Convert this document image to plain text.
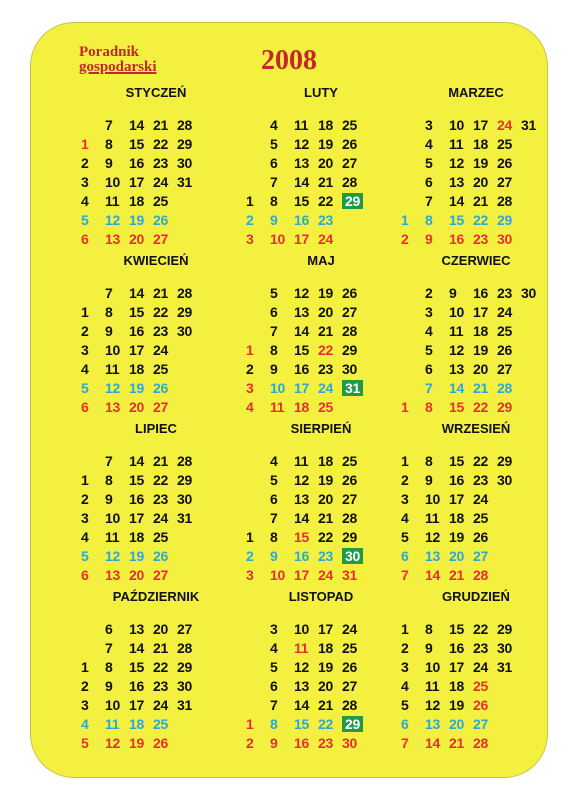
Poradnik
gospodarski	2008
STYCZEŃ
	7	14	21	28
1	8	15	22	29
2	9	16	23	30
3	10	17	24	31
4	11	18	25	
5	12	19	26	
6	13	20	27	
LUTY
	4	11	18	25
	5	12	19	26
	6	13	20	27
	7	14	21	28
1	8	15	22	29
2	9	16	23	
3	10	17	24	
MARZEC
	3	10	17	24	31
	4	11	18	25	
	5	12	19	26	
	6	13	20	27	
	7	14	21	28	
1	8	15	22	29	
2	9	16	23	30	
KWIECIEŃ
	7	14	21	28
1	8	15	22	29
2	9	16	23	30
3	10	17	24	
4	11	18	25	
5	12	19	26	
6	13	20	27	
MAJ
	5	12	19	26
	6	13	20	27
	7	14	21	28
1	8	15	22	29
2	9	16	23	30
3	10	17	24	31
4	11	18	25	
CZERWIEC
	2	9	16	23	30
	3	10	17	24	
	4	11	18	25	
	5	12	19	26	
	6	13	20	27	
	7	14	21	28	
1	8	15	22	29	
LIPIEC
	7	14	21	28
1	8	15	22	29
2	9	16	23	30
3	10	17	24	31
4	11	18	25	
5	12	19	26	
6	13	20	27	
SIERPIEŃ
	4	11	18	25
	5	12	19	26
	6	13	20	27
	7	14	21	28
1	8	15	22	29
2	9	16	23	30
3	10	17	24	31
WRZESIEŃ
1	8	15	22	29
2	9	16	23	30
3	10	17	24	
4	11	18	25	
5	12	19	26	
6	13	20	27	
7	14	21	28	
PAŹDZIERNIK
	6	13	20	27
	7	14	21	28
1	8	15	22	29
2	9	16	23	30
3	10	17	24	31
4	11	18	25	
5	12	19	26	
LISTOPAD
	3	10	17	24
	4	11	18	25
	5	12	19	26
	6	13	20	27
	7	14	21	28
1	8	15	22	29
2	9	16	23	30
GRUDZIEŃ
1	8	15	22	29
2	9	16	23	30
3	10	17	24	31
4	11	18	25	
5	12	19	26	
6	13	20	27	
7	14	21	28	
